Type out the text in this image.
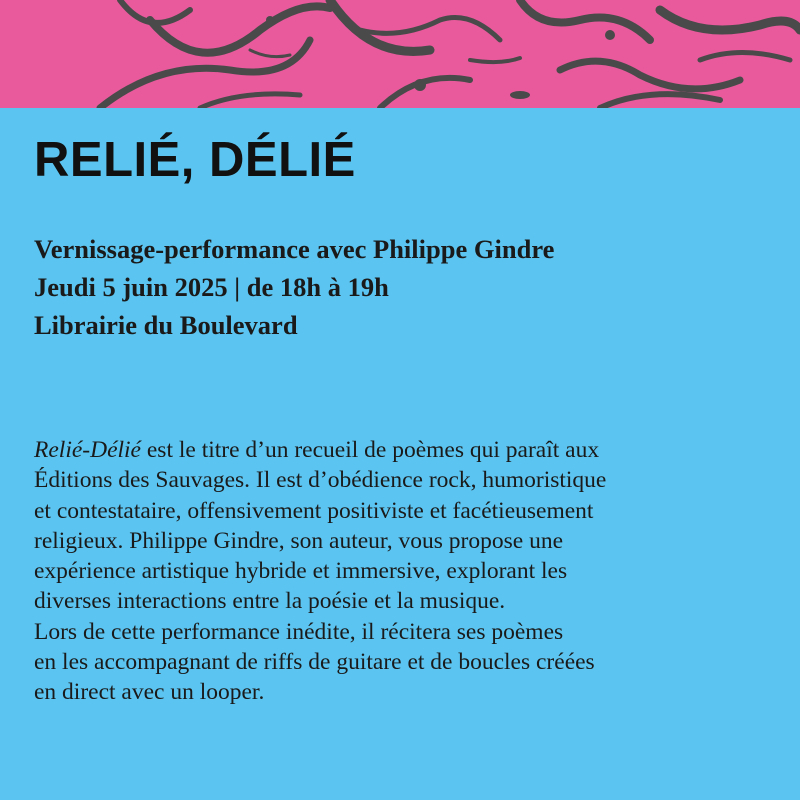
RELIÉ, DÉLIÉ
Vernissage-performance avec Philippe Gindre
Jeudi 5 juin 2025 | de 18h à 19h
Librairie du Boulevard
Relié-Délié est le titre d’un recueil de poèmes qui paraît aux
Éditions des Sauvages. Il est d’obédience rock, humoristique
et contestataire, offensivement positiviste et facétieusement
religieux. Philippe Gindre, son auteur, vous propose une
expérience artistique hybride et immersive, explorant les
diverses interactions entre la poésie et la musique.
Lors de cette performance inédite, il récitera ses poèmes
en les accompagnant de riffs de guitare et de boucles créées
en direct avec un looper.
